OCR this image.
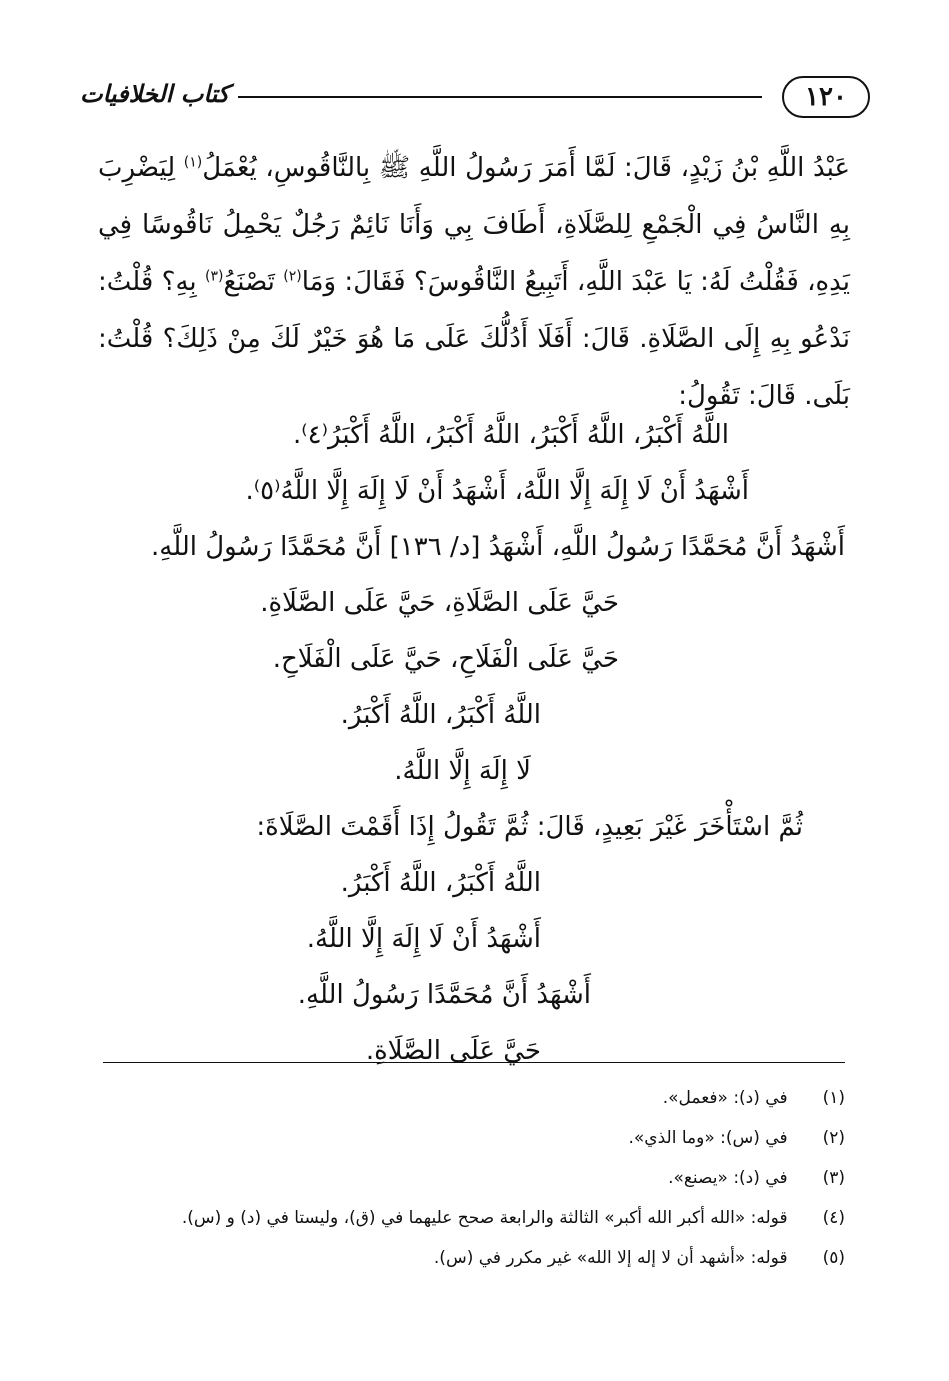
١٢٠
كتاب الخلافيات

عَبْدُ اللَّهِ بْنُ زَيْدٍ، قَالَ: لَمَّا أَمَرَ رَسُولُ اللَّهِ ﷺ بِالنَّاقُوسِ، يُعْمَلُ$^{(١)}$ لِيَضْرِبَ بِهِ النَّاسُ فِي الْجَمْعِ لِلصَّلَاةِ، أَطَافَ بِي وَأَنَا نَائِمٌ رَجُلٌ يَحْمِلُ نَاقُوسًا فِي يَدِهِ، فَقُلْتُ لَهُ: يَا عَبْدَ اللَّهِ، أَتَبِيعُ النَّاقُوسَ؟ فَقَالَ: وَمَا$^{(٢)}$ تَصْنَعُ$^{(٣)}$ بِهِ؟ قُلْتُ: نَدْعُو بِهِ إِلَى الصَّلَاةِ. قَالَ: أَفَلَا أَدُلُّكَ عَلَى مَا هُوَ خَيْرٌ لَكَ مِنْ ذَلِكَ؟ قُلْتُ: بَلَى. قَالَ: تَقُولُ:

اللَّهُ أَكْبَرُ، اللَّهُ أَكْبَرُ، اللَّهُ أَكْبَرُ، اللَّهُ أَكْبَرُ⁽٤⁾.
أَشْهَدُ أَنْ لَا إِلَهَ إِلَّا اللَّهُ، أَشْهَدُ أَنْ لَا إِلَهَ إِلَّا اللَّهُ⁽٥⁾.
أَشْهَدُ أَنَّ مُحَمَّدًا رَسُولُ اللَّهِ، أَشْهَدُ [د/ ١٣٦] أَنَّ مُحَمَّدًا رَسُولُ اللَّهِ.
حَيَّ عَلَى الصَّلَاةِ، حَيَّ عَلَى الصَّلَاةِ.
حَيَّ عَلَى الْفَلَاحِ، حَيَّ عَلَى الْفَلَاحِ.
اللَّهُ أَكْبَرُ، اللَّهُ أَكْبَرُ.
لَا إِلَهَ إِلَّا اللَّهُ.
ثُمَّ اسْتَأْخَرَ غَيْرَ بَعِيدٍ، قَالَ: ثُمَّ تَقُولُ إِذَا أَقَمْتَ الصَّلَاةَ:
اللَّهُ أَكْبَرُ، اللَّهُ أَكْبَرُ.
أَشْهَدُ أَنْ لَا إِلَهَ إِلَّا اللَّهُ.
أَشْهَدُ أَنَّ مُحَمَّدًا رَسُولُ اللَّهِ.
حَيَّ عَلَى الصَّلَاةِ.
(١) في (د): «فعمل».
(٢) في (س): «وما الذي».
(٣) في (د): «يصنع».
(٤) قوله: «الله أكبر الله أكبر» الثالثة والرابعة صحح عليهما في (ق)، وليستا في (د) و (س).
(٥) قوله: «أشهد أن لا إله إلا الله» غير مكرر في (س).
